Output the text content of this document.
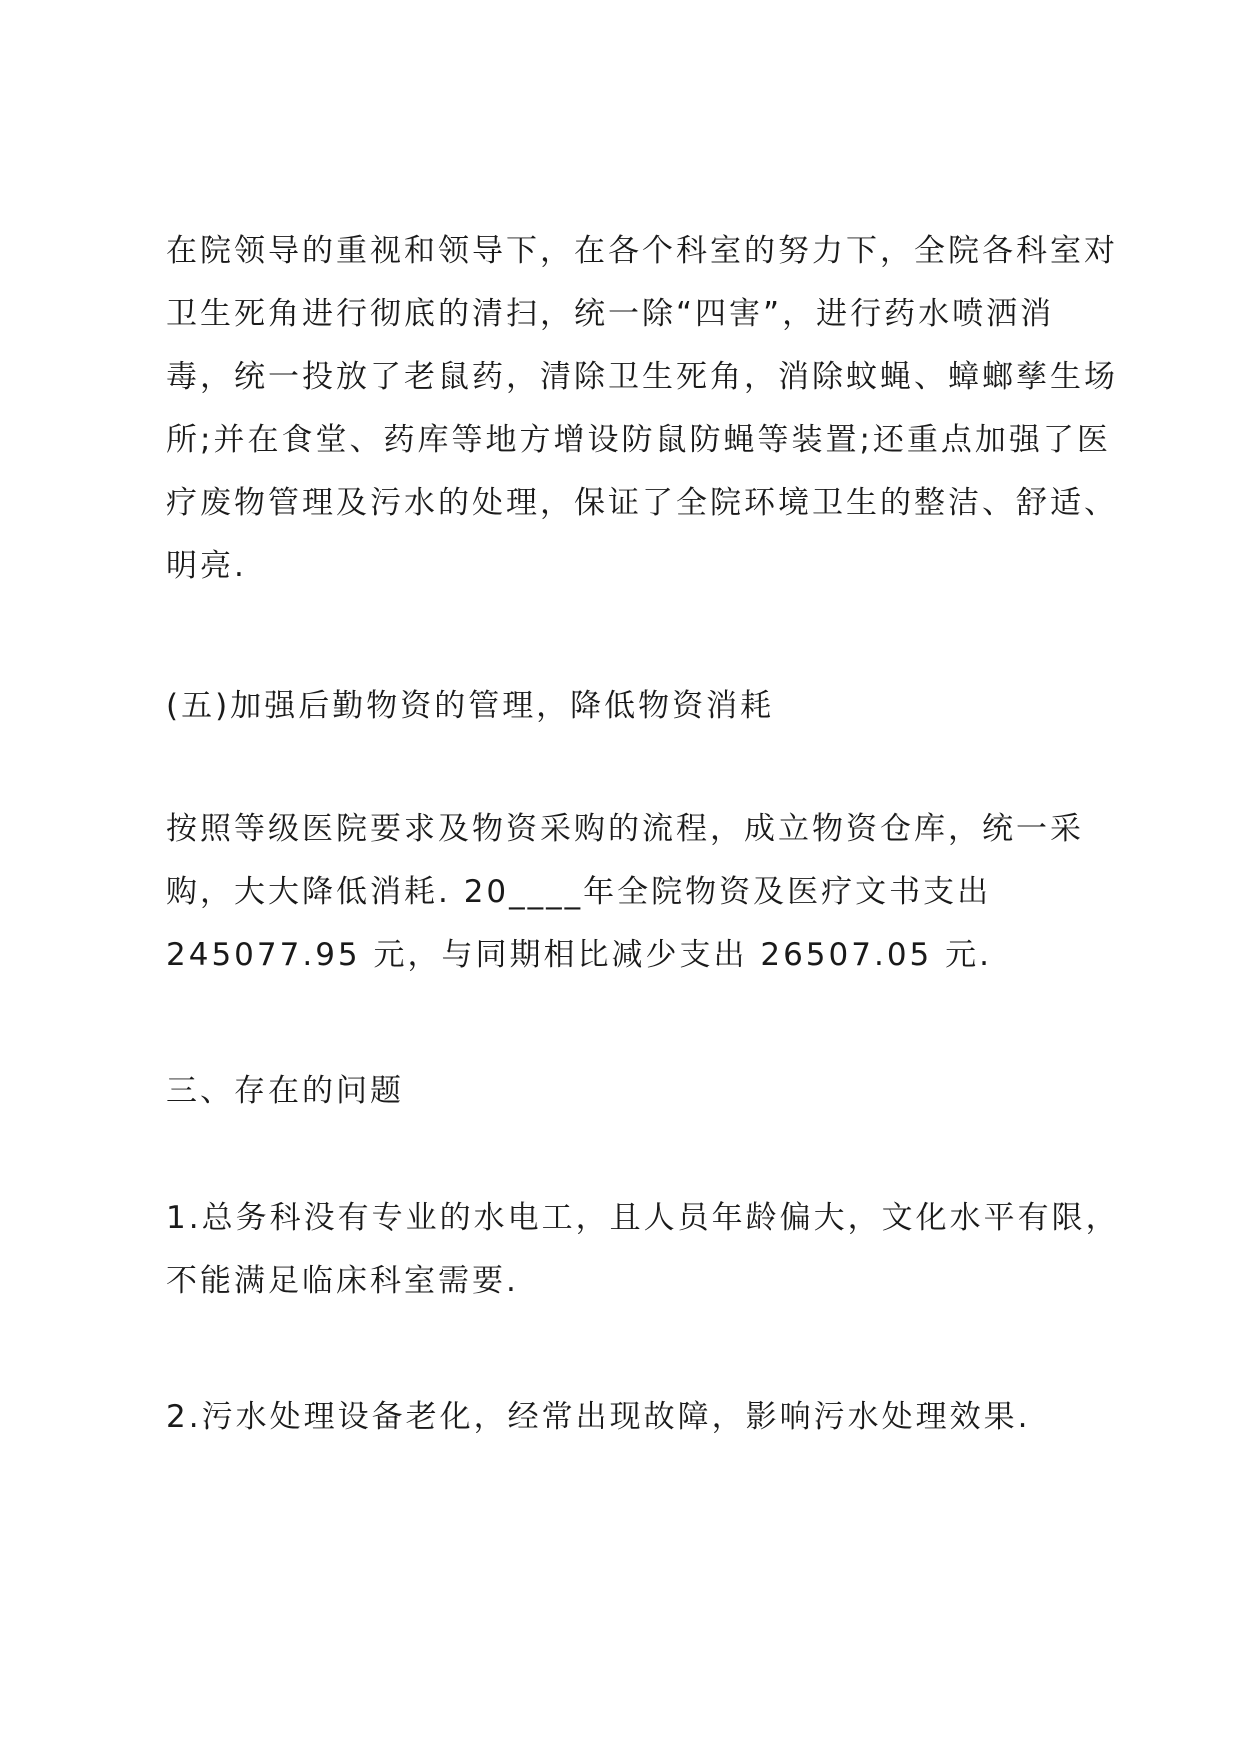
在院领导的重视和领导下，在各个科室的努力下，全院各科室对
卫生死角进行彻底的清扫，统一除“四害”，进行药水喷洒消
毒，统一投放了老鼠药，清除卫生死角，消除蚊蝇、蟑螂孳生场
所;并在食堂、药库等地方增设防鼠防蝇等装置;还重点加强了医
疗废物管理及污水的处理，保证了全院环境卫生的整洁、舒适、
明亮.
(五)加强后勤物资的管理，降低物资消耗
按照等级医院要求及物资采购的流程，成立物资仓库，统一采
购，大大降低消耗. 20____年全院物资及医疗文书支出
245077.95 元，与同期相比减少支出 26507.05 元.
三、存在的问题
1.总务科没有专业的水电工，且人员年龄偏大，文化水平有限，
不能满足临床科室需要.
2.污水处理设备老化，经常出现故障，影响污水处理效果.
